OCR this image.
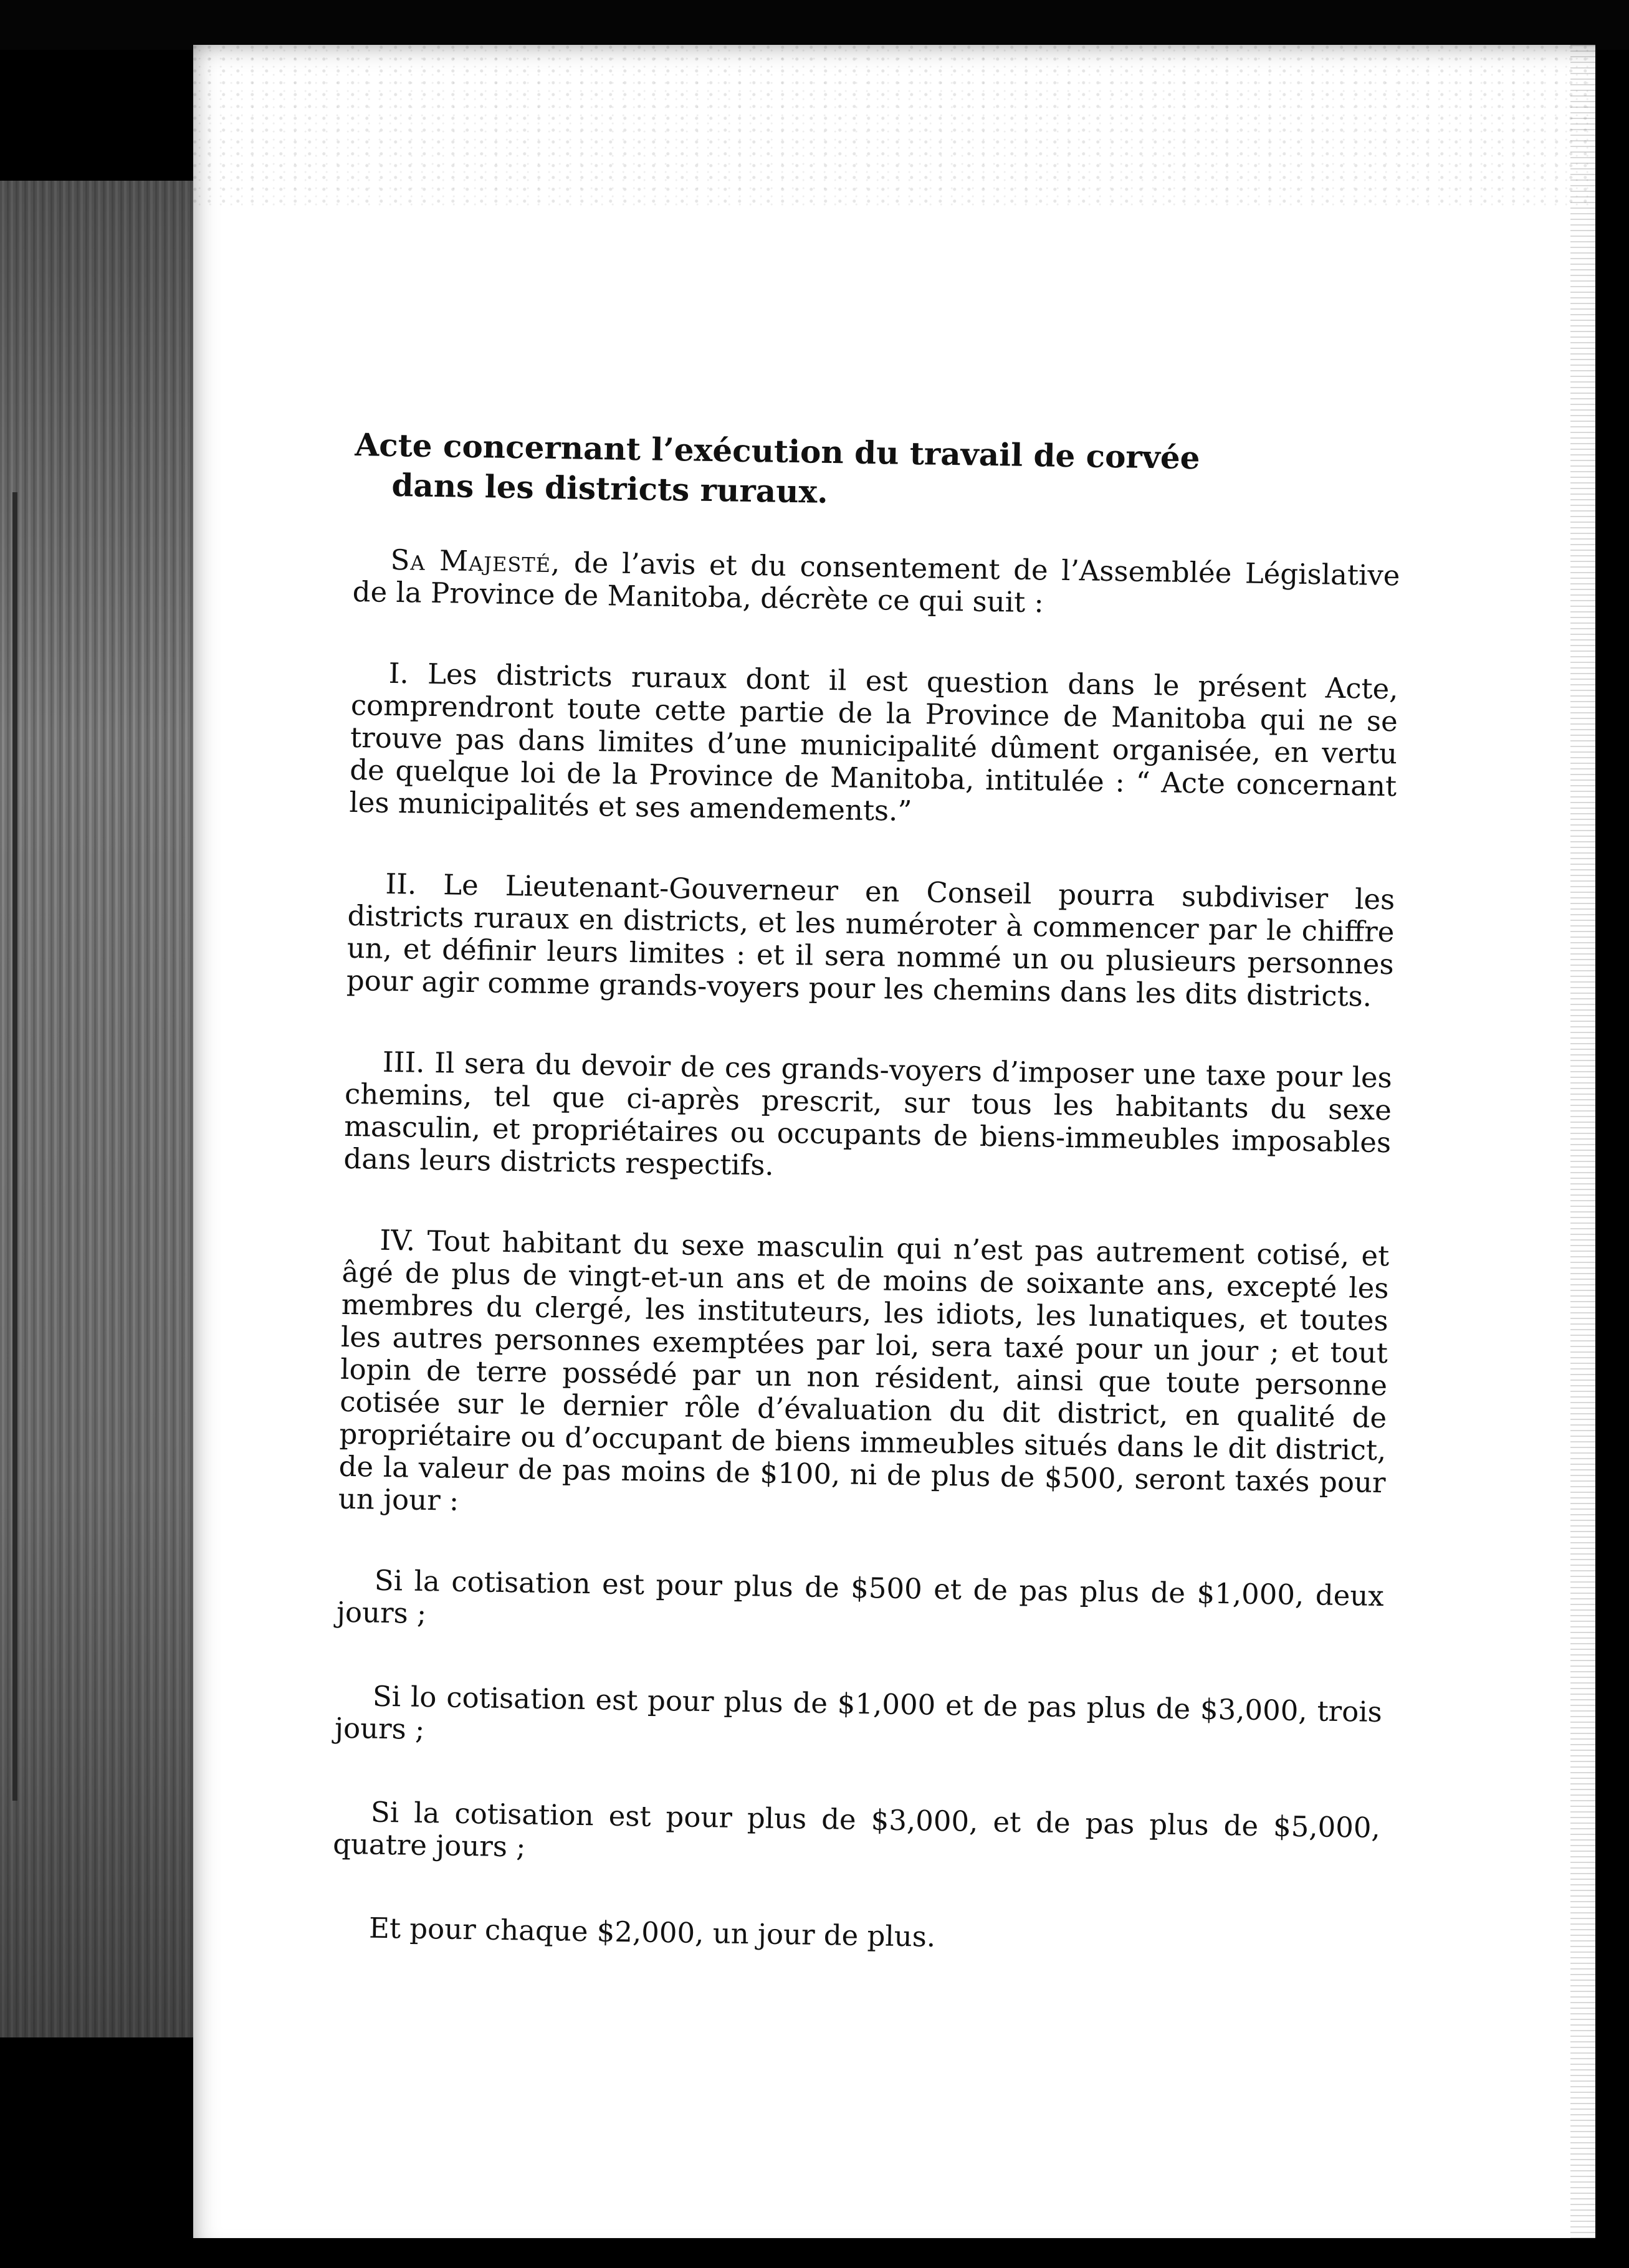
Acte concernant l’exécution du travail de corvée
dans les districts ruraux.

Sa Majesté, de l’avis et du consentement de l’Assemblée Législative de la Province de Manitoba, décrète ce qui suit :

I. Les districts ruraux dont il est question dans le présent Acte, comprendront toute cette partie de la Province de Manitoba qui ne se trouve pas dans limites d’une municipalité dûment organisée, en vertu de quelque loi de la Province de Manitoba, intitulée : “ Acte concernant les municipalités et ses amendements.”

II. Le Lieutenant-Gouverneur en Conseil pourra subdiviser les districts ruraux en districts, et les numéroter à commencer par le chiffre un, et définir leurs limites : et il sera nommé un ou plusieurs personnes pour agir comme grands-voyers pour les chemins dans les dits districts.

III. Il sera du devoir de ces grands-voyers d’imposer une taxe pour les chemins, tel que ci-après prescrit, sur tous les habitants du sexe masculin, et propriétaires ou occupants de biens-immeubles imposables dans leurs districts respectifs.

IV. Tout habitant du sexe masculin qui n’est pas autrement cotisé, et âgé de plus de vingt-et-un ans et de moins de soixante ans, excepté les membres du clergé, les instituteurs, les idiots, les lunatiques, et toutes les autres personnes exemptées par loi, sera taxé pour un jour ; et tout lopin de terre possédé par un non résident, ainsi que toute personne cotisée sur le dernier rôle d’évaluation du dit district, en qualité de propriétaire ou d’occupant de biens immeubles situés dans le dit district, de la valeur de pas moins de $100, ni de plus de $500, seront taxés pour un jour :

Si la cotisation est pour plus de $500 et de pas plus de $1,000, deux jours ;

Si lo cotisation est pour plus de $1,000 et de pas plus de $3,000, trois jours ;

Si la cotisation est pour plus de $3,000, et de pas plus de $5,000, quatre jours ;

Et pour chaque $2,000, un jour de plus.
